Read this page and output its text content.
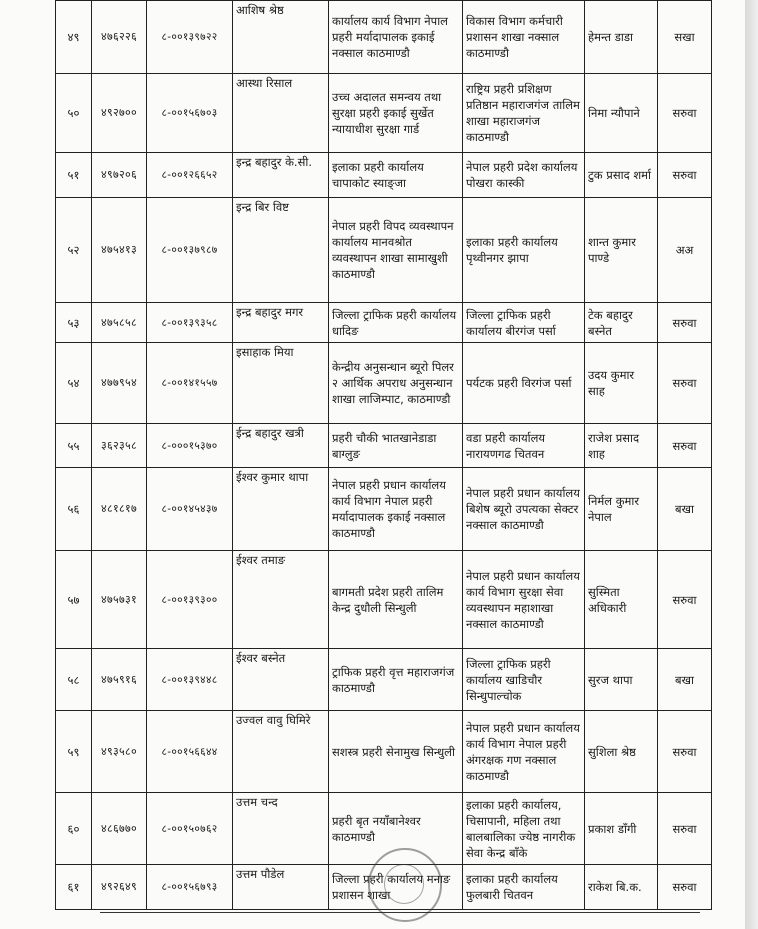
४९	४७६२२६	८-००१३९७२२	आशिष श्रेष्ठ	कार्यालय कार्य विभाग नेपाल प्रहरी मर्यादापालक इकाई नक्साल काठमाण्डौ	विकास विभाग कर्मचारी प्रशासन शाखा नक्साल काठमाण्डौ	हेमन्त डाडा	सखा
५०	४९२७००	८-००१५६७०३	आस्था रिसाल	उच्च अदालत समन्वय तथा सुरक्षा प्रहरी इकाई सुर्खेत न्यायाधीश सुरक्षा गार्ड	राष्ट्रिय प्रहरी प्रशिक्षण प्रतिष्ठान महाराजगंज तालिम शाखा महाराजगंज काठमाण्डौ	निमा न्यौपाने	सरुवा
५१	४९७२०६	८-००१२६६५२	इन्द्र बहादुर के.सी.	इलाका प्रहरी कार्यालय चापाकोट स्याङ्जा	नेपाल प्रहरी प्रदेश कार्यालय पोखरा कास्की	टुक प्रसाद शर्मा	सरुवा
५२	४७५४१३	८-००१३७९८७	इन्द्र बिर विष्ट	नेपाल प्रहरी विपद व्यवस्थापन कार्यालय मानवश्रोत व्यवस्थापन शाखा सामाखुशी काठमाण्डौ	इलाका प्रहरी कार्यालय पृथ्वीनगर झापा	शान्त कुमार पाण्डे	अअ
५३	४७५८५८	८-००१३९३५८	इन्द्र बहादुर मगर	जिल्ला ट्राफिक प्रहरी कार्यालय धादिङ	जिल्ला ट्राफिक प्रहरी कार्यालय बीरगंज पर्सा	टेक बहादुर बस्नेत	सरुवा
५४	४७७९५४	८-००१४१५५७	इसाहाक मिया	केन्द्रीय अनुसन्धान ब्यूरो पिलर २ आर्थिक अपराध अनुसन्धान शाखा लाजिम्पाट, काठमाण्डौ	पर्यटक प्रहरी विरगंज पर्सा	उदय कुमार साह	सरुवा
५५	३६२३५८	८-०००१५३७०	ईन्द्र बहादुर खत्री	प्रहरी चौकी भातखानेडाडा बाग्लुङ	वडा प्रहरी कार्यालय नारायणगढ चितवन	राजेश प्रसाद शाह	सरुवा
५६	४८१८१७	८-००१४५४३७	ईश्वर कुमार थापा	नेपाल प्रहरी प्रधान कार्यालय कार्य विभाग नेपाल प्रहरी मर्यादापालक इकाई नक्साल काठमाण्डौ	नेपाल प्रहरी प्रधान कार्यालय बिशेष ब्यूरो उपत्यका सेक्टर नक्साल काठमाण्डौ	निर्मल कुमार नेपाल	बखा
५७	४७५७३१	८-००१३९३००	ईश्वर तमाङ	बागमती प्रदेश प्रहरी तालिम केन्द्र दुधौली सिन्धुली	नेपाल प्रहरी प्रधान कार्यालय कार्य विभाग सुरक्षा सेवा व्यवस्थापन महाशाखा नक्साल काठमाण्डौ	सुस्मिता अधिकारी	सरुवा
५८	४७५९१६	८-००१३९४४८	ईश्वर बस्नेत	ट्राफिक प्रहरी वृत्त महाराजगंज काठमाण्डौ	जिल्ला ट्राफिक प्रहरी कार्यालय खाडिचौर सिन्धुपाल्चोक	सुरज थापा	बखा
५९	४९३५८०	८-००१५६६४४	उज्वल वावु घिमिरे	सशस्त्र प्रहरी सेनामुख सिन्धुली	नेपाल प्रहरी प्रधान कार्यालय कार्य विभाग नेपाल प्रहरी अंगरक्षक गण नक्साल काठमाण्डौ	सुशिला श्रेष्ठ	सरुवा
६०	४८६७७०	८-००१५०७६२	उत्तम चन्द	प्रहरी बृत नयाँबानेश्वर काठमाण्डौ	इलाका प्रहरी कार्यालय, चिसापानी, महिला तथा बालबालिका ज्येष्ठ नागरीक सेवा केन्द्र बाँके	प्रकाश डाँगी	सरुवा
६१	४९२६४९	८-००१५६७९३	उत्तम पौडेल	जिल्ला प्रहरी कार्यालय मनाङ प्रशासन शाखा	इलाका प्रहरी कार्यालय फुलबारी चितवन	राकेश बि.क.	सरुवा
